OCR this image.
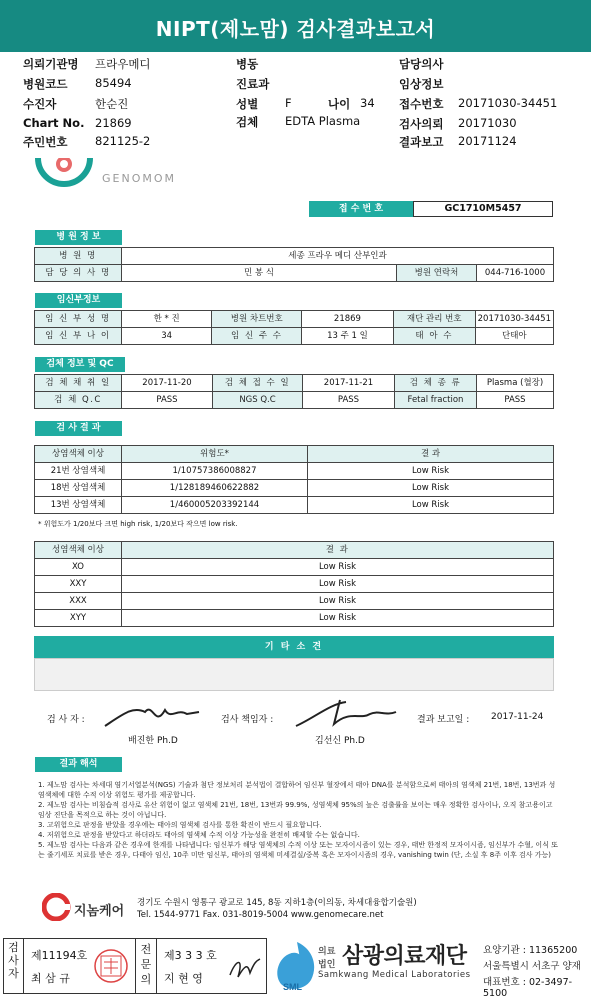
NIPT(제노맘) 검사결과보고서
의뢰기관명 프라우메디
병원코드 85494
수진자	한순진
Chart No. 21869
주민번호 821125-2
병동
진료과
성별 F	나이 34
검체 EDTA Plasma
담당의사
임상정보
접수번호 20171030-34451
검사의뢰 20171030
결과보고 20171124
GENOMOM
접 수 번 호	GC1710M5457
병 원 정 보
병 원 명	세종 프라우 메디 산부인과		
담 당 의 사 명	민 봉 식	병원 연락처	044-716-1000
임신부정보
임 신 부 성 명	한 * 진	병원 차트번호	21869	재단 관리 번호	20171030-34451
임 신 부 나 이	34	임 신 주 수	13 주 1 일	태 아 수	단태아
검체 정보 및 QC
검 체 채 취 일	2017-11-20	검 체 접 수 일	2017-11-21	검 체 종 류	Plasma (혈장)
검 체 Q.C	PASS	NGS Q.C	PASS	Fetal fraction	PASS
검 사 결 과
상염색체 이상	위험도*	결 과
21번 상염색체	1/10757386008827	Low Risk
18번 상염색체	1/128189460622882	Low Risk
13번 상염색체	1/460005203392144	Low Risk
* 위험도가 1/20보다 크면 high risk, 1/20보다 작으면 low risk.
성염색체 이상	결 과
XO	Low Risk
XXY	Low Risk
XXX	Low Risk
XYY	Low Risk
기 타 소 견
검 사 자 :
배진한 Ph.D
검사 책임자 :
김선신 Ph.D
결과 보고일 : 2017-11-24
결과 해석
1. 제노맘 검사는 차세대 염기서열분석(NGS) 기술과 첨단 정보처리 분석법이 결합하여 임신부 혈장에서 태아 DNA를 분석함으로써 태아의 염색체 21번, 18번, 13번과 성염색체에 대한 수적 이상 위험도 평가를 제공합니다.
2. 제노맘 검사는 비침습적 검사로 유산 위험이 없고 염색체 21번, 18번, 13번과 99.9%, 성염색체 95%의 높은 검출률을 보이는 매우 정확한 검사이나, 오직 참고용이고 임상 진단을 목적으로 하는 것이 아닙니다.
3. 고위험으로 판정을 받았을 경우에는 태아의 염색체 검사를 통한 확진이 반드시 필요합니다.
4. 저위험으로 판정을 받았다고 하더라도 태아의 염색체 수적 이상 가능성을 완전히 배제할 수는 없습니다.
5. 제노맘 검사는 다음과 같은 경우에 한계를 나타냅니다: 임신부가 해당 염색체의 수적 이상 또는 모자이시즘이 있는 경우, 태반 한정적 모자이시즘, 임신부가 수혈, 이식 또는 줄기세포 치료를 받은 경우, 다태아 임신, 10주 미만 임신부, 태아의 염색체 미세결실/중복 혹은 모자이시즘의 경우, vanishing twin (단, 소실 후 8주 이후 검사 가능)
지놈케어
경기도 수원시 영통구 광교로 145, 8동 지하1층(이의동, 차세대융합기술원)
Tel. 1544-9771 Fax. 031-8019-5004 www.genomecare.net
검사자
제11194호
최 삼 규
전문의
제3 3 3 호
지 현 영
SML
의료
법인 삼광의료재단
Samkwang Medical Laboratories
요양기관 : 11365200
서울특별시 서초구 양재
대표번호 : 02-3497-5100
